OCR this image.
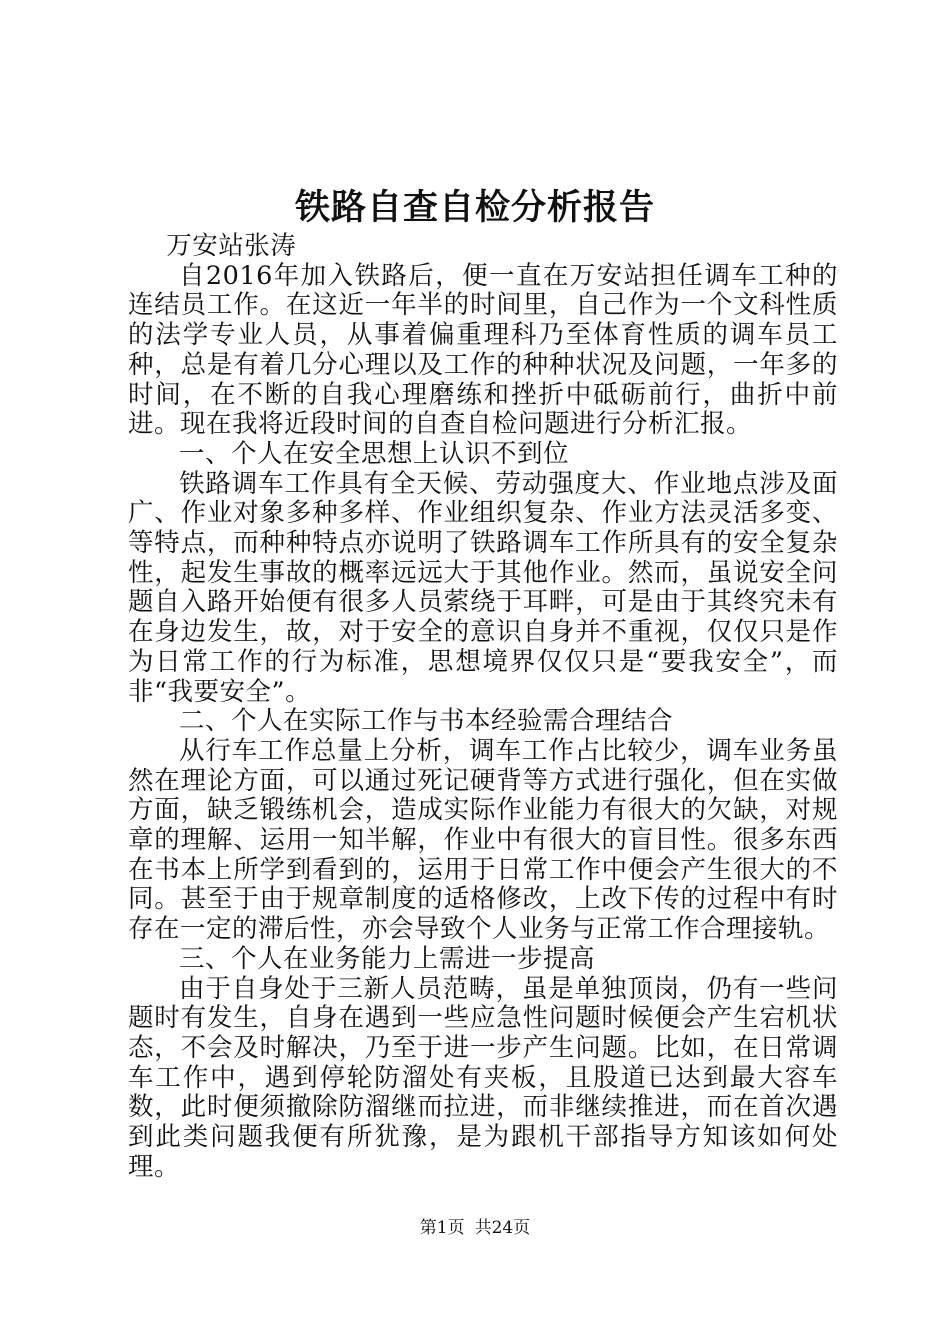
铁路自查自检分析报告

万安站张涛

自2016年加入铁路后，便一直在万安站担任调车工种的连结员工作。在这近一年半的时间里，自己作为一个文科性质的法学专业人员，从事着偏重理科乃至体育性质的调车员工种，总是有着几分心理以及工作的种种状况及问题，一年多的时间，在不断的自我心理磨练和挫折中砥砺前行，曲折中前进。现在我将近段时间的自查自检问题进行分析汇报。

一、个人在安全思想上认识不到位

铁路调车工作具有全天候、劳动强度大、作业地点涉及面广、作业对象多种多样、作业组织复杂、作业方法灵活多变、等特点，而种种特点亦说明了铁路调车工作所具有的安全复杂性，起发生事故的概率远远大于其他作业。然而，虽说安全问题自入路开始便有很多人员萦绕于耳畔，可是由于其终究未有在身边发生，故，对于安全的意识自身并不重视，仅仅只是作为日常工作的行为标准，思想境界仅仅只是“要我安全”，而非“我要安全”。

二、个人在实际工作与书本经验需合理结合

从行车工作总量上分析，调车工作占比较少，调车业务虽然在理论方面，可以通过死记硬背等方式进行强化，但在实做方面，缺乏锻练机会，造成实际作业能力有很大的欠缺，对规章的理解、运用一知半解，作业中有很大的盲目性。很多东西在书本上所学到看到的，运用于日常工作中便会产生很大的不同。甚至于由于规章制度的适格修改，上改下传的过程中有时存在一定的滞后性，亦会导致个人业务与正常工作合理接轨。

三、个人在业务能力上需进一步提高

由于自身处于三新人员范畴，虽是单独顶岗，仍有一些问题时有发生，自身在遇到一些应急性问题时候便会产生宕机状态，不会及时解决，乃至于进一步产生问题。比如，在日常调车工作中，遇到停轮防溜处有夹板，且股道已达到最大容车数，此时便须撤除防溜继而拉进，而非继续推进，而在首次遇到此类问题我便有所犹豫，是为跟机干部指导方知该如何处理。

第1页 共24页
